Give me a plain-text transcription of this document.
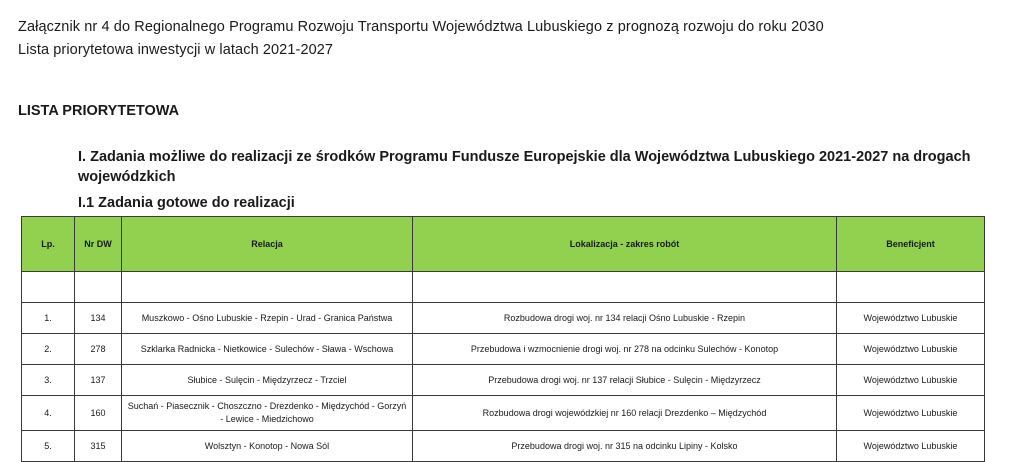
Załącznik nr 4 do Regionalnego Programu Rozwoju Transportu Województwa Lubuskiego z prognozą rozwoju do roku 2030
Lista priorytetowa inwestycji w latach 2021-2027
LISTA PRIORYTETOWA
I. Zadania możliwe do realizacji ze środków Programu Fundusze Europejskie dla Województwa Lubuskiego 2021-2027 na drogach wojewódzkich
I.1 Zadania gotowe do realizacji
Lp.	Nr DW	Relacja	Lokalizacja - zakres robót	Beneficjent

1.	134	Muszkowo - Ośno Lubuskie - Rzepin - Urad - Granica Państwa	Rozbudowa drogi woj. nr 134 relacji Ośno Lubuskie - Rzepin	Województwo Lubuskie
2.	278	Szklarka Radnicka - Nietkowice - Sulechów - Sława - Wschowa	Przebudowa i wzmocnienie drogi woj. nr 278 na odcinku Sulechów - Konotop	Województwo Lubuskie
3.	137	Słubice - Sulęcin - Międzyrzecz - Trzciel	Przebudowa drogi woj. nr 137 relacji Słubice - Sulęcin - Międzyrzecz	Województwo Lubuskie
4.	160	Suchań - Piasecznik - Choszczno - Drezdenko - Międzychód - Gorzyń - Lewice - Miedzichowo	Rozbudowa drogi wojewódzkiej nr 160 relacji Drezdenko – Międzychód	Województwo Lubuskie
5.	315	Wolsztyn - Konotop - Nowa Sól	Przebudowa drogi woj. nr 315 na odcinku Lipiny - Kolsko	Województwo Lubuskie
